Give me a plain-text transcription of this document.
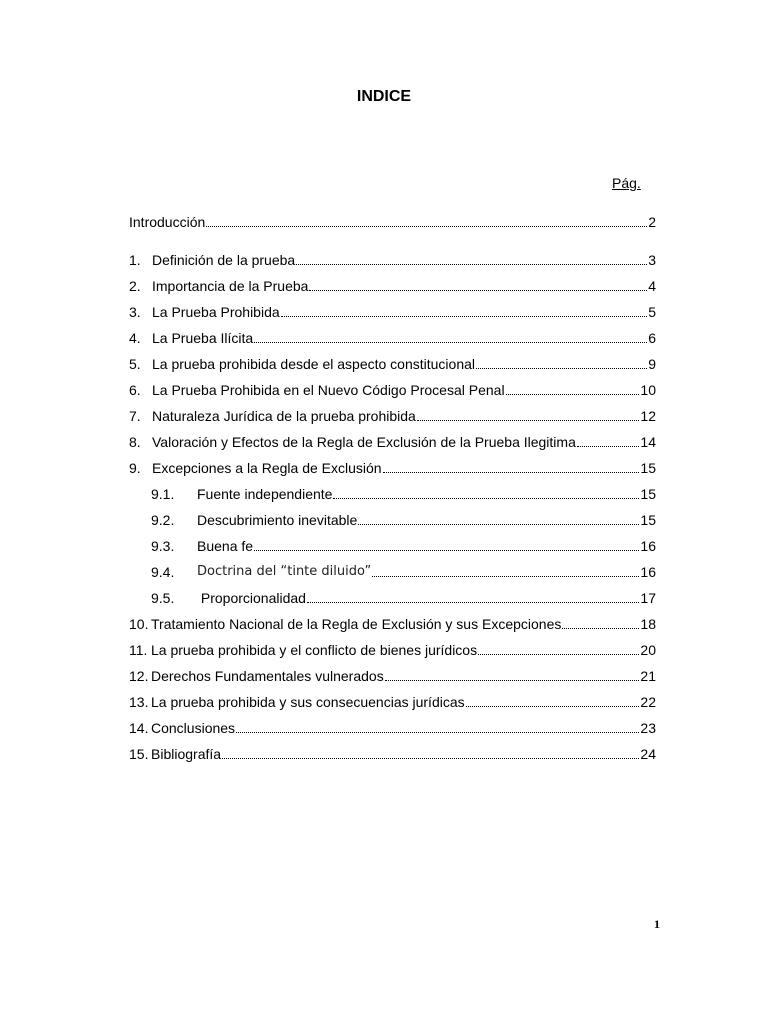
INDICE
Pág.
Introducción	2
1. Definición de la prueba	3
2. Importancia de la Prueba	4
3. La Prueba Prohibida	5
4. La Prueba Ilícita	6
5. La prueba prohibida desde el aspecto constitucional	9
6. La Prueba Prohibida en el Nuevo Código Procesal Penal	10
7. Naturaleza Jurídica de la prueba prohibida	12
8. Valoración y Efectos de la Regla de Exclusión de la Prueba Ilegitima	14
9. Excepciones a la Regla de Exclusión	15
9.1.	Fuente independiente	15
9.2.	Descubrimiento inevitable	15
9.3.	Buena fe	16
9.4.	Doctrina del “tinte diluido”	16
9.5.	Proporcionalidad	17
10. Tratamiento Nacional de la Regla de Exclusión y sus Excepciones	18
11. La prueba prohibida y el conflicto de bienes jurídicos	20
12. Derechos Fundamentales vulnerados	21
13. La prueba prohibida y sus consecuencias jurídicas	22
14. Conclusiones	23
15. Bibliografía	24
1
